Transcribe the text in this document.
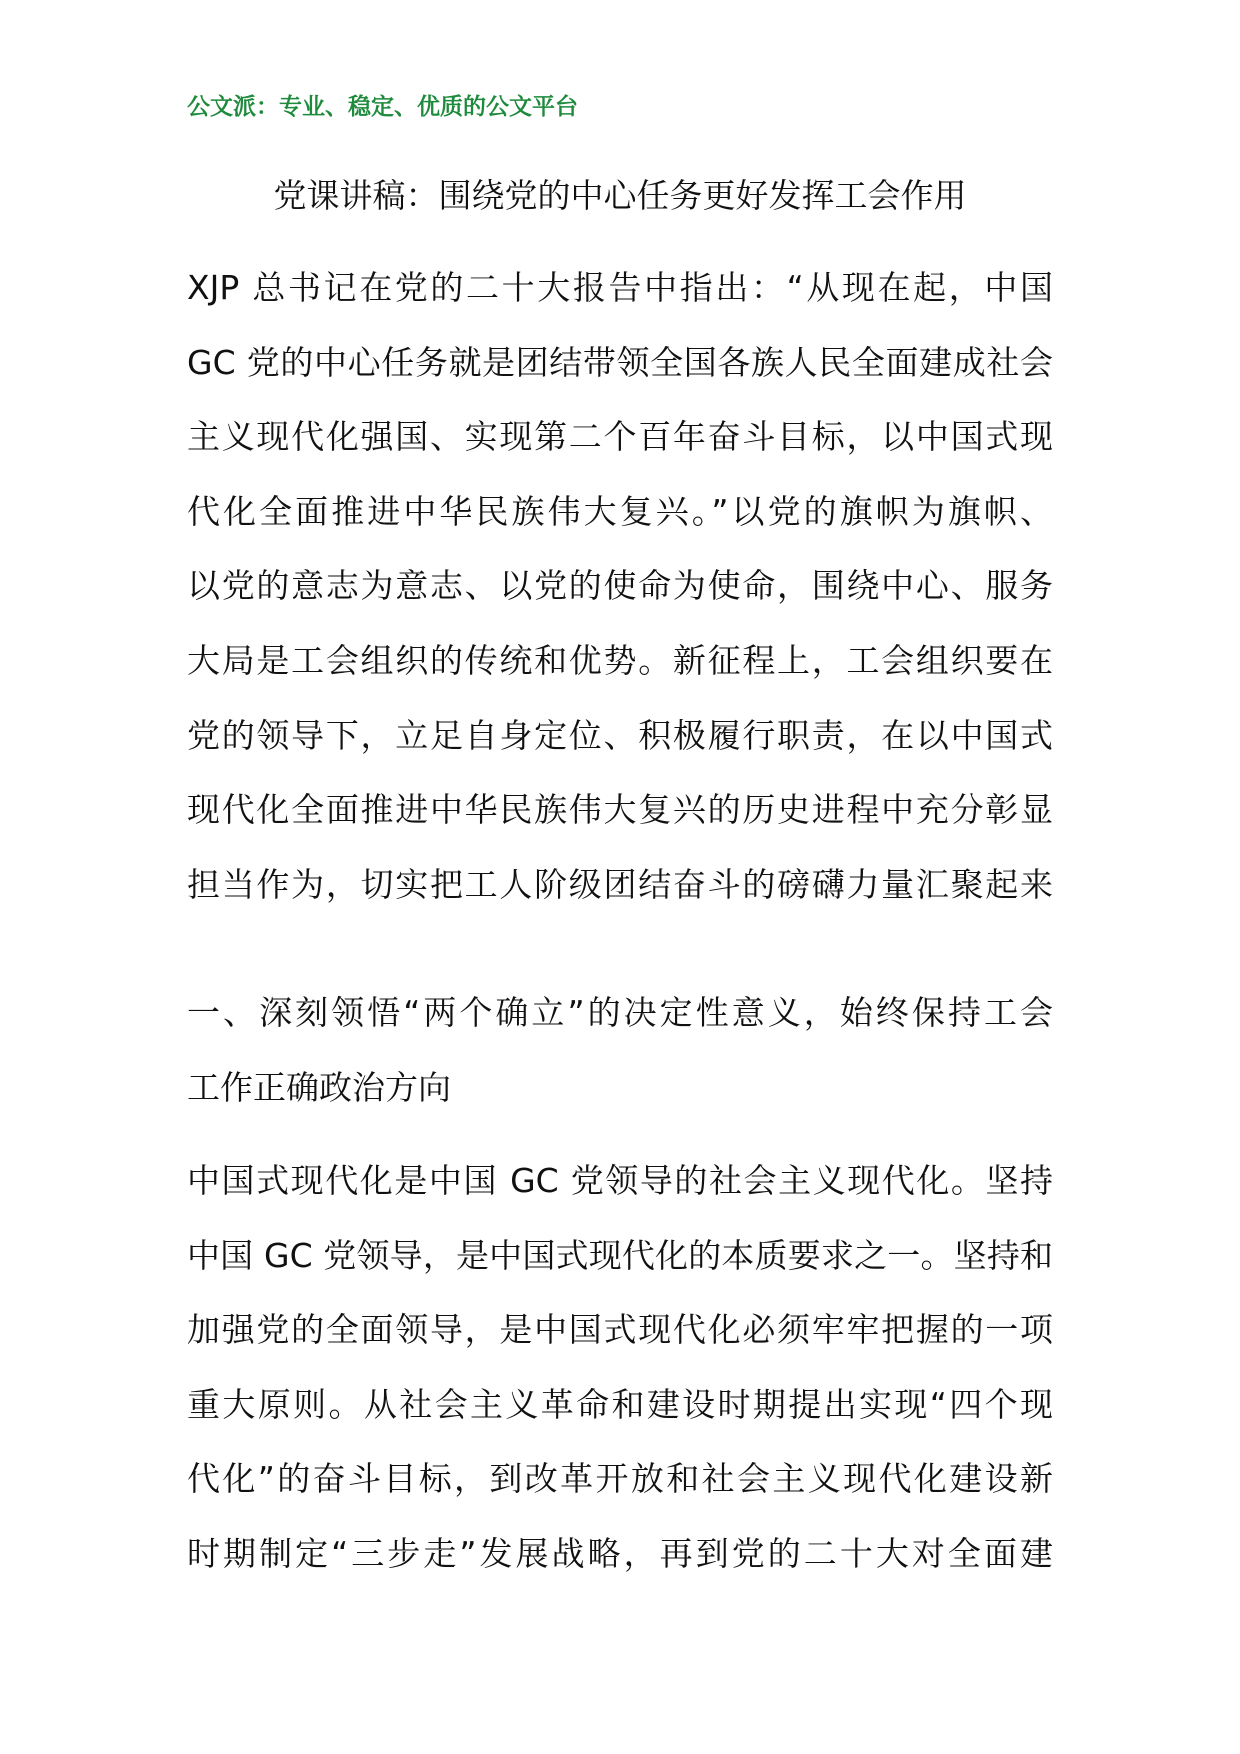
公文派：专业、稳定、优质的公文平台
党课讲稿：围绕党的中心任务更好发挥工会作用
XJP 总书记在党的二十大报告中指出：“从现在起，中国
GC 党的中心任务就是团结带领全国各族人民全面建成社会
主义现代化强国、实现第二个百年奋斗目标，以中国式现
代化全面推进中华民族伟大复兴。”以党的旗帜为旗帜、
以党的意志为意志、以党的使命为使命，围绕中心、服务
大局是工会组织的传统和优势。新征程上，工会组织要在
党的领导下，立足自身定位、积极履行职责，在以中国式
现代化全面推进中华民族伟大复兴的历史进程中充分彰显
担当作为，切实把工人阶级团结奋斗的磅礴力量汇聚起来
一、深刻领悟“两个确立”的决定性意义，始终保持工会
工作正确政治方向
中国式现代化是中国 GC 党领导的社会主义现代化。坚持
中国 GC 党领导，是中国式现代化的本质要求之一。坚持和
加强党的全面领导，是中国式现代化必须牢牢把握的一项
重大原则。从社会主义革命和建设时期提出实现“四个现
代化”的奋斗目标，到改革开放和社会主义现代化建设新
时期制定“三步走”发展战略，再到党的二十大对全面建
